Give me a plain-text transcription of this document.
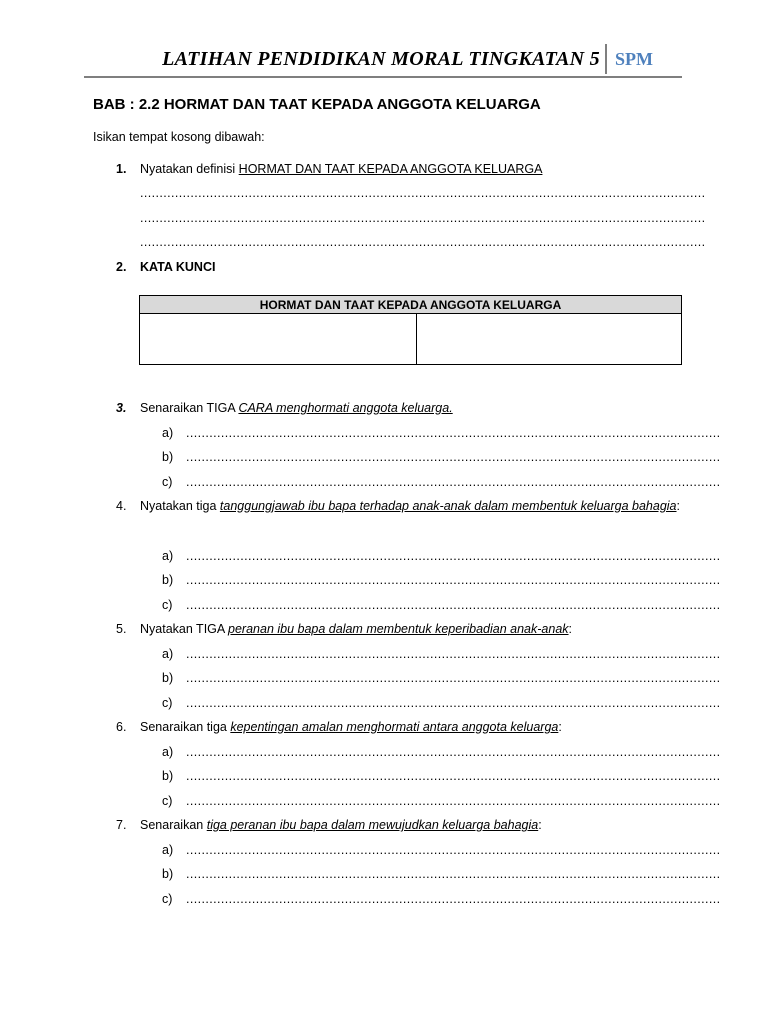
LATIHAN PENDIDIKAN MORAL TINGKATAN 5 SPM
BAB : 2.2 HORMAT DAN TAAT KEPADA ANGGOTA KELUARGA
Isikan tempat kosong dibawah:
1. Nyatakan definisi HORMAT DAN TAAT KEPADA ANGGOTA KELUARGA
..................................................................................................................................................
..................................................................................................................................................
..................................................................................................................................................
2. KATA KUNCI
HORMAT DAN TAAT KEPADA ANGGOTA KELUARGA

3. Senaraikan TIGA CARA menghormati anggota keluarga.
a) ..........................................................................................................................................
b) ..........................................................................................................................................
c) ..........................................................................................................................................
4. Nyatakan tiga tanggungjawab ibu bapa terhadap anak-anak dalam membentuk keluarga bahagia:
a) ..........................................................................................................................................
b) ..........................................................................................................................................
c) ..........................................................................................................................................
5. Nyatakan TIGA peranan ibu bapa dalam membentuk keperibadian anak-anak:
a) ..........................................................................................................................................
b) ..........................................................................................................................................
c) ..........................................................................................................................................
6. Senaraikan tiga kepentingan amalan menghormati antara anggota keluarga:
a) ..........................................................................................................................................
b) ..........................................................................................................................................
c) ..........................................................................................................................................
7. Senaraikan tiga peranan ibu bapa dalam mewujudkan keluarga bahagia:
a) ..........................................................................................................................................
b) ..........................................................................................................................................
c) ..........................................................................................................................................
